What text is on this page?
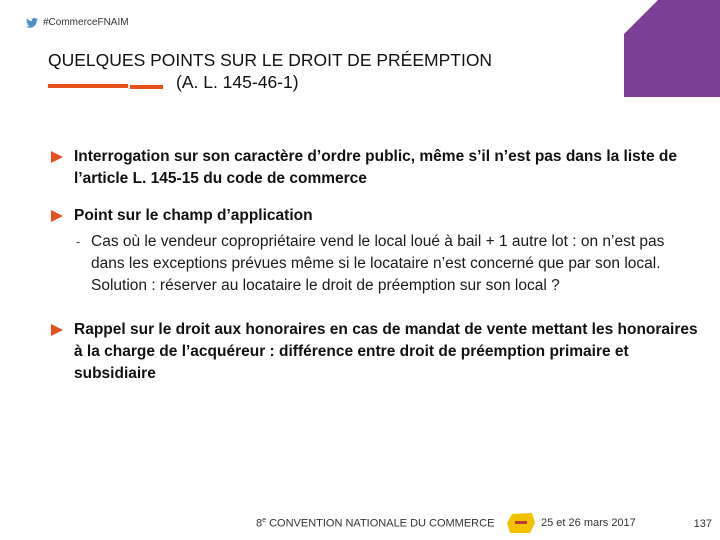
#CommerceFNAIM
QUELQUES POINTS SUR LE DROIT DE PRÉEMPTION
(A. L. 145-46-1)
Interrogation sur son caractère d’ordre public, même s’il n’est pas dans la liste de l’article L. 145-15 du code de commerce
Point sur le champ d’application
‑ Cas où le vendeur copropriétaire vend le local loué à bail + 1 autre lot : on n’est pas dans les exceptions prévues même si le locataire n’est concerné que par son local. Solution : réserver au locataire le droit de préemption sur son local ?
Rappel sur le droit aux honoraires en cas de mandat de vente mettant les honoraires à la charge de l’acquéreur : différence entre droit de préemption primaire et subsidiaire
8e CONVENTION NATIONALE DU COMMERCE	25 et 26 mars 2017	137
